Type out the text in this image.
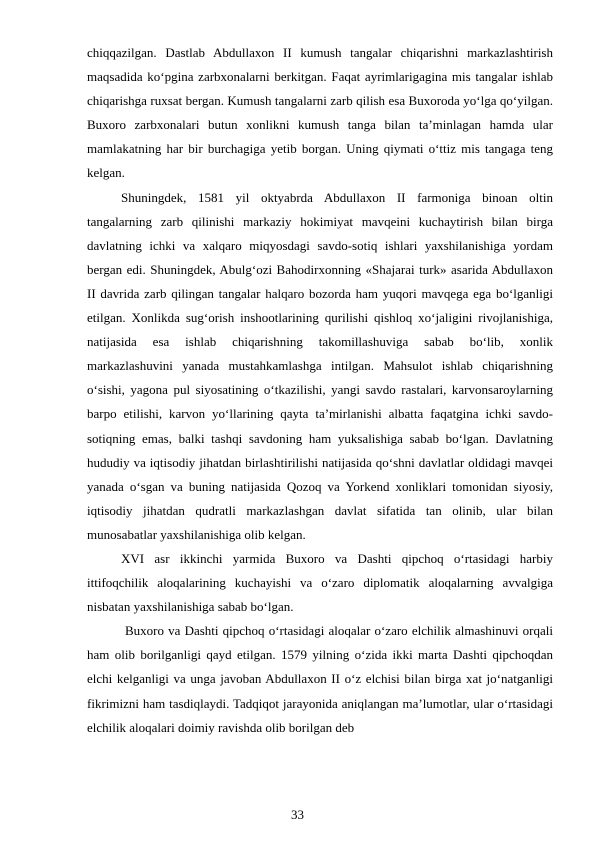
chiqqazilgan. Dastlab Abdullaxon II kumush tangalar chiqarishni markazlashtirish maqsadida ko‘pgina zarbxonalarni berkitgan. Faqat ayrimlarigagina mis tangalar ishlab chiqarishga ruxsat bergan. Kumush tangalarni zarb qilish esa Buxoroda yo‘lga qo‘yilgan. Buxoro zarbxonalari butun xonlikni kumush tanga bilan ta’minlagan hamda ular mamlakatning har bir burchagiga yetib borgan. Uning qiymati o‘ttiz mis tangaga teng kelgan.

Shuningdek, 1581 yil oktyabrda Abdullaxon II farmoniga binoan oltin tangalarning zarb qilinishi markaziy hokimiyat mavqeini kuchaytirish bilan birga davlatning ichki va xalqaro miqyosdagi savdo-sotiq ishlari yaxshilanishiga yordam bergan edi. Shuningdek, Abulg‘ozi Bahodirxonning «Shajarai turk» asarida Abdullaxon II davrida zarb qilingan tangalar halqaro bozorda ham yuqori mavqega ega bo‘lganligi etilgan. Xonlikda sug‘orish inshootlarining qurilishi qishloq xo‘jaligini rivojlanishiga, natijasida esa ishlab chiqarishning takomillashuviga sabab bo‘lib, xonlik markazlashuvini yanada mustahkamlashga intilgan. Mahsulot ishlab chiqarishning o‘sishi, yagona pul siyosatining o‘tkazilishi, yangi savdo rastalari, karvonsaroylarning barpo etilishi, karvon yo‘llarining qayta ta’mirlanishi albatta faqatgina ichki savdo-sotiqning emas, balki tashqi savdoning ham yuksalishiga sabab bo‘lgan. Davlatning hududiy va iqtisodiy jihatdan birlashtirilishi natijasida qo‘shni davlatlar oldidagi mavqei yanada o‘sgan va buning natijasida Qozoq va Yorkend xonliklari tomonidan siyosiy, iqtisodiy jihatdan qudratli markazlashgan davlat sifatida tan olinib, ular bilan munosabatlar yaxshilanishiga olib kelgan.

XVI asr ikkinchi yarmida Buxoro va Dashti qipchoq o‘rtasidagi harbiy ittifoqchilik aloqalarining kuchayishi va o‘zaro diplomatik aloqalarning avvalgiga nisbatan yaxshilanishiga sabab bo‘lgan.

Buxoro va Dashti qipchoq o‘rtasidagi aloqalar o‘zaro elchilik almashinuvi orqali ham olib borilganligi qayd etilgan. 1579 yilning o‘zida ikki marta Dashti qipchoqdan elchi kelganligi va unga javoban Abdullaxon II o‘z elchisi bilan birga xat jo‘natganligi fikrimizni ham tasdiqlaydi. Tadqiqot jarayonida aniqlangan ma’lumotlar, ular o‘rtasidagi elchilik aloqalari doimiy ravishda olib borilgan deb

33
